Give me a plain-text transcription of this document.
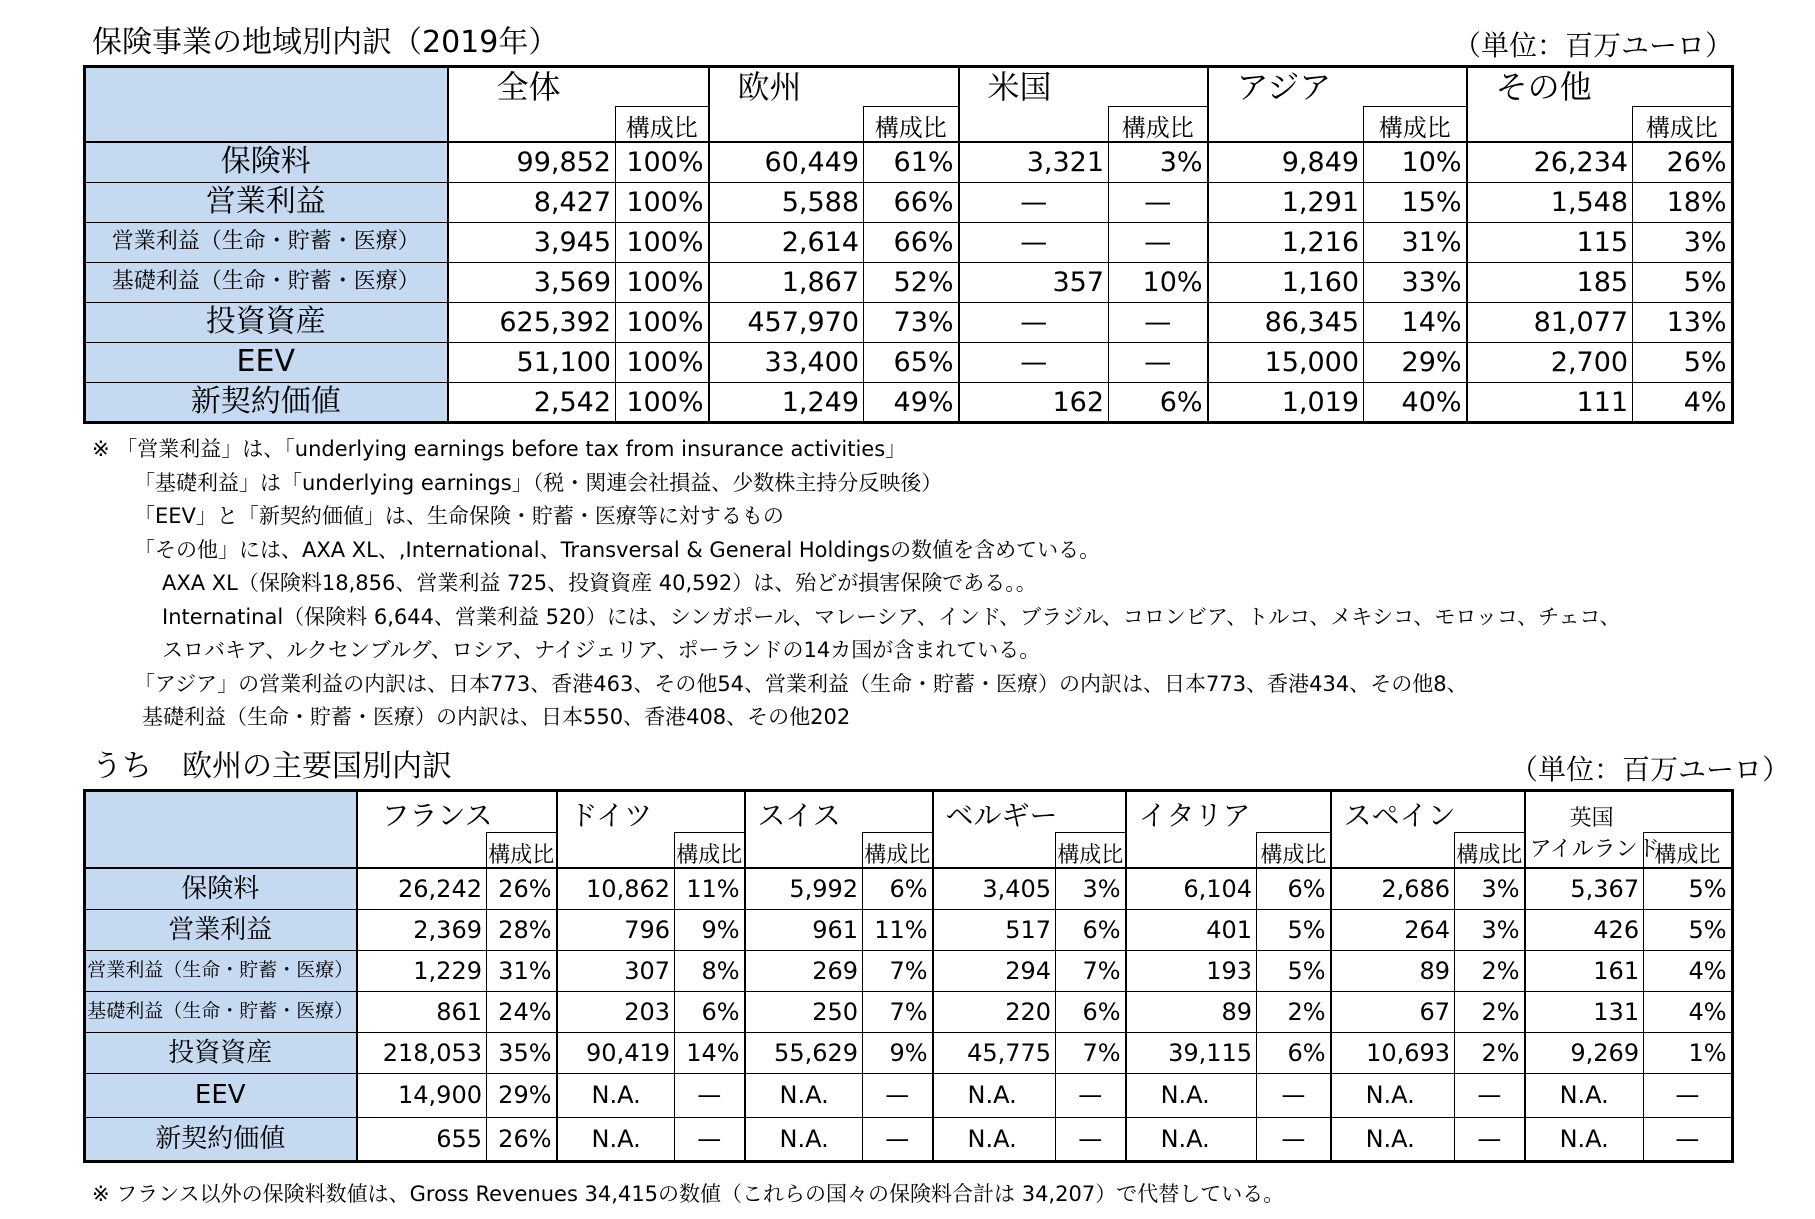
保険事業の地域別内訳（2019年）	（単位：百万ユーロ）

	全体		欧州		米国		アジア		その他	

		構成比		構成比		構成比		構成比		構成比
保険料	99,852	100%	60,449	61%	3,321	3%	9,849	10%	26,234	26%
営業利益	8,427	100%	5,588	66%	—	—	1,291	15%	1,548	18%
営業利益（生命・貯蓄・医療）	3,945	100%	2,614	66%	—	—	1,216	31%	115	3%
基礎利益（生命・貯蓄・医療）	3,569	100%	1,867	52%	357	10%	1,160	33%	185	5%
投資資産	625,392	100%	457,970	73%	—	—	86,345	14%	81,077	13%
EEV	51,100	100%	33,400	65%	—	—	15,000	29%	2,700	5%
新契約価値	2,542	100%	1,249	49%	162	6%	1,019	40%	111	4%
※ 「営業利益」は、「underlying earnings before tax from insurance activities」
「基礎利益」は「underlying earnings」（税・関連会社損益、少数株主持分反映後）
「EEV」と「新契約価値」は、生命保険・貯蓄・医療等に対するもの
「その他」には、AXA XL、,International、Transversal & General Holdingsの数値を含めている。
AXA XL（保険料18,856、営業利益 725、投資資産 40,592）は、殆どが損害保険である。。
Internatinal（保険料 6,644、営業利益 520）には、シンガポール、マレーシア、インド、ブラジル、コロンビア、トルコ、メキシコ、モロッコ、チェコ、
スロバキア、ルクセンブルグ、ロシア、ナイジェリア、ポーランドの14カ国が含まれている。
「アジア」の営業利益の内訳は、日本773、香港463、その他54、営業利益（生命・貯蓄・医療）の内訳は、日本773、香港434、その他8、
基礎利益（生命・貯蓄・医療）の内訳は、日本550、香港408、その他202
うち　欧州の主要国別内訳	（単位：百万ユーロ）

	フランス		ドイツ		スイス		ベルギー		イタリア		スペイン		英国	

		構成比		構成比		構成比		構成比		構成比		構成比	アイルランド	構成比
保険料	26,242	26%	10,862	11%	5,992	6%	3,405	3%	6,104	6%	2,686	3%	5,367	5%
営業利益	2,369	28%	796	9%	961	11%	517	6%	401	5%	264	3%	426	5%
営業利益（生命・貯蓄・医療）	1,229	31%	307	8%	269	7%	294	7%	193	5%	89	2%	161	4%
基礎利益（生命・貯蓄・医療）	861	24%	203	6%	250	7%	220	6%	89	2%	67	2%	131	4%
投資資産	218,053	35%	90,419	14%	55,629	9%	45,775	7%	39,115	6%	10,693	2%	9,269	1%
EEV	14,900	29%	N.A.	—	N.A.	—	N.A.	—	N.A.	—	N.A.	—	N.A.	—
新契約価値	655	26%	N.A.	—	N.A.	—	N.A.	—	N.A.	—	N.A.	—	N.A.	—
※ フランス以外の保険料数値は、Gross Revenues 34,415の数値（これらの国々の保険料合計は 34,207）で代替している。
